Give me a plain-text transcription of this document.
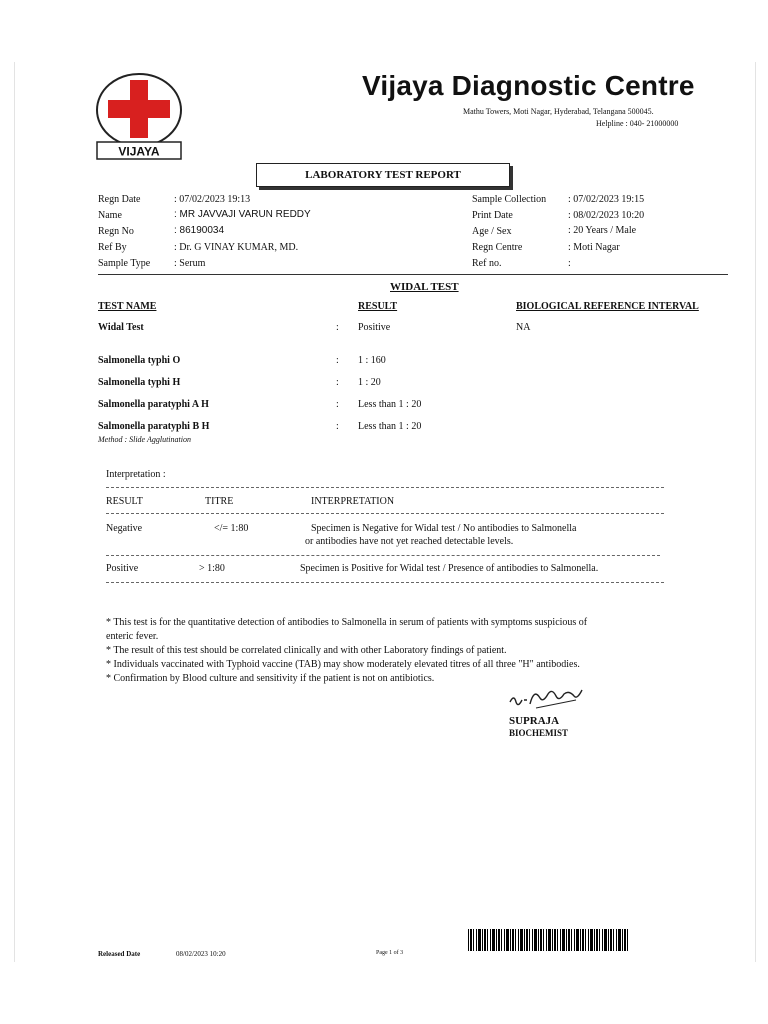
VIJAYA
Vijaya Diagnostic Centre
Mathu Towers, Moti Nagar, Hyderabad, Telangana 500045.
Helpline : 040- 21000000
LABORATORY TEST REPORT
Regn Date	: 07/02/2023 19:13
Name	: MR JAVVAJI VARUN REDDY
Regn No	: 86190034
Ref By	: Dr. G VINAY KUMAR, MD.
Sample Type : Serum
Sample Collection : 07/02/2023 19:15
Print Date	: 08/02/2023 10:20
Age / Sex	: 20 Years / Male
Regn Centre	: Moti Nagar
Ref no.	:
WIDAL TEST
TEST NAME	RESULT	BIOLOGICAL REFERENCE INTERVAL
Widal Test	: Positive	NA
Salmonella typhi O	: 1 : 160
Salmonella typhi H	: 1 : 20
Salmonella paratyphi A H	: Less than 1 : 20
Salmonella paratyphi B H	: Less than 1 : 20
Method : Slide Agglutination
Interpretation :
RESULT	TITRE	INTERPRETATION
Negative	</= 1:80	Specimen is Negative for Widal test / No antibodies to Salmonella
or antibodies have not yet reached detectable levels.
Positive	> 1:80	Specimen is Positive for Widal test / Presence of antibodies to Salmonella.
* This test is for the quantitative detection of antibodies to Salmonella in serum of patients with symptoms suspicious of
enteric fever.
* The result of this test should be correlated clinically and with other Laboratory findings of patient.
* Individuals vaccinated with Typhoid vaccine (TAB) may show moderately elevated titres of all three "H" antibodies.
* Confirmation by Blood culture and sensitivity if the patient is not on antibiotics.
SUPRAJA
BIOCHEMIST
Released Date	08/02/2023 10:20	Page 1 of 3
